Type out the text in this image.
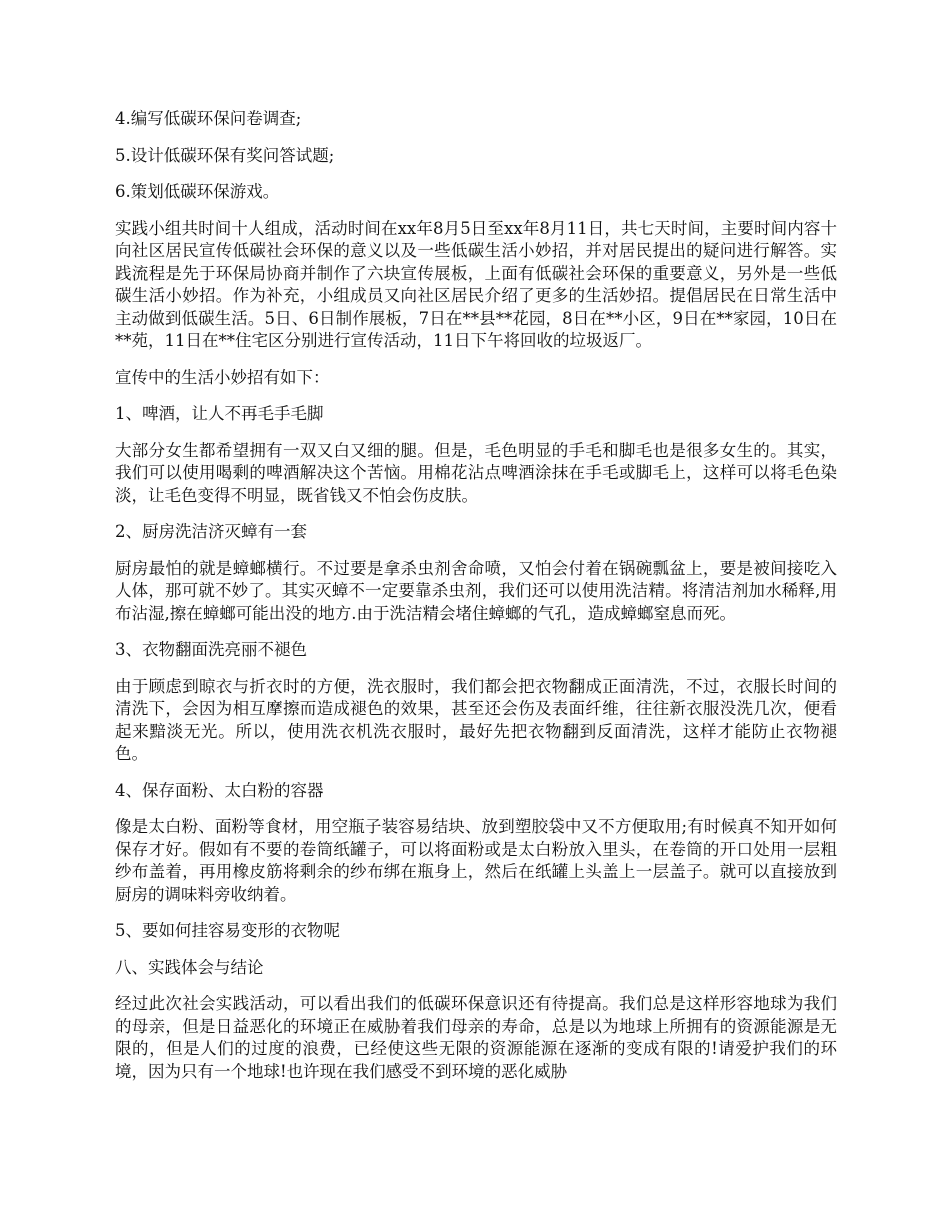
4.编写低碳环保问卷调查;

5.设计低碳环保有奖问答试题;

6.策划低碳环保游戏。

实践小组共时间十人组成，活动时间在xx年8月5日至xx年8月11日，共七天时间，主要时间内容十向社区居民宣传低碳社会环保的意义以及一些低碳生活小妙招，并对居民提出的疑问进行解答。实践流程是先于环保局协商并制作了六块宣传展板，上面有低碳社会环保的重要意义，另外是一些低碳生活小妙招。作为补充，小组成员又向社区居民介绍了更多的生活妙招。提倡居民在日常生活中主动做到低碳生活。5日、6日制作展板，7日在**县**花园，8日在**小区，9日在**家园，10日在**苑，11日在**住宅区分别进行宣传活动，11日下午将回收的垃圾返厂。

宣传中的生活小妙招有如下：

1、啤酒，让人不再毛手毛脚

大部分女生都希望拥有一双又白又细的腿。但是，毛色明显的手毛和脚毛也是很多女生的。其实，我们可以使用喝剩的啤酒解决这个苦恼。用棉花沾点啤酒涂抹在手毛或脚毛上，这样可以将毛色染淡，让毛色变得不明显，既省钱又不怕会伤皮肤。

2、厨房洗洁济灭蟑有一套

厨房最怕的就是蟑螂横行。不过要是拿杀虫剂舍命喷，又怕会付着在锅碗瓢盆上，要是被间接吃入人体，那可就不妙了。其实灭蟑不一定要靠杀虫剂，我们还可以使用洗洁精。将清洁剂加水稀释,用布沾湿,擦在蟑螂可能出没的地方.由于洗洁精会堵住蟑螂的气孔，造成蟑螂窒息而死。

3、衣物翻面洗亮丽不褪色

由于顾虑到晾衣与折衣时的方便，洗衣服时，我们都会把衣物翻成正面清洗，不过，衣服长时间的清洗下，会因为相互摩擦而造成褪色的效果，甚至还会伤及表面纤维，往往新衣服没洗几次，便看起来黯淡无光。所以，使用洗衣机洗衣服时，最好先把衣物翻到反面清洗，这样才能防止衣物褪色。

4、保存面粉、太白粉的容器

像是太白粉、面粉等食材，用空瓶子装容易结块、放到塑胶袋中又不方便取用;有时候真不知开如何保存才好。假如有不要的卷筒纸罐子，可以将面粉或是太白粉放入里头，在卷筒的开口处用一层粗纱布盖着，再用橡皮筋将剩余的纱布绑在瓶身上，然后在纸罐上头盖上一层盖子。就可以直接放到厨房的调味料旁收纳着。

5、要如何挂容易变形的衣物呢

八、实践体会与结论

经过此次社会实践活动，可以看出我们的低碳环保意识还有待提高。我们总是这样形容地球为我们的母亲，但是日益恶化的环境正在威胁着我们母亲的寿命，总是以为地球上所拥有的资源能源是无限的，但是人们的过度的浪费，已经使这些无限的资源能源在逐渐的变成有限的!请爱护我们的环境，因为只有一个地球!也许现在我们感受不到环境的恶化威胁
